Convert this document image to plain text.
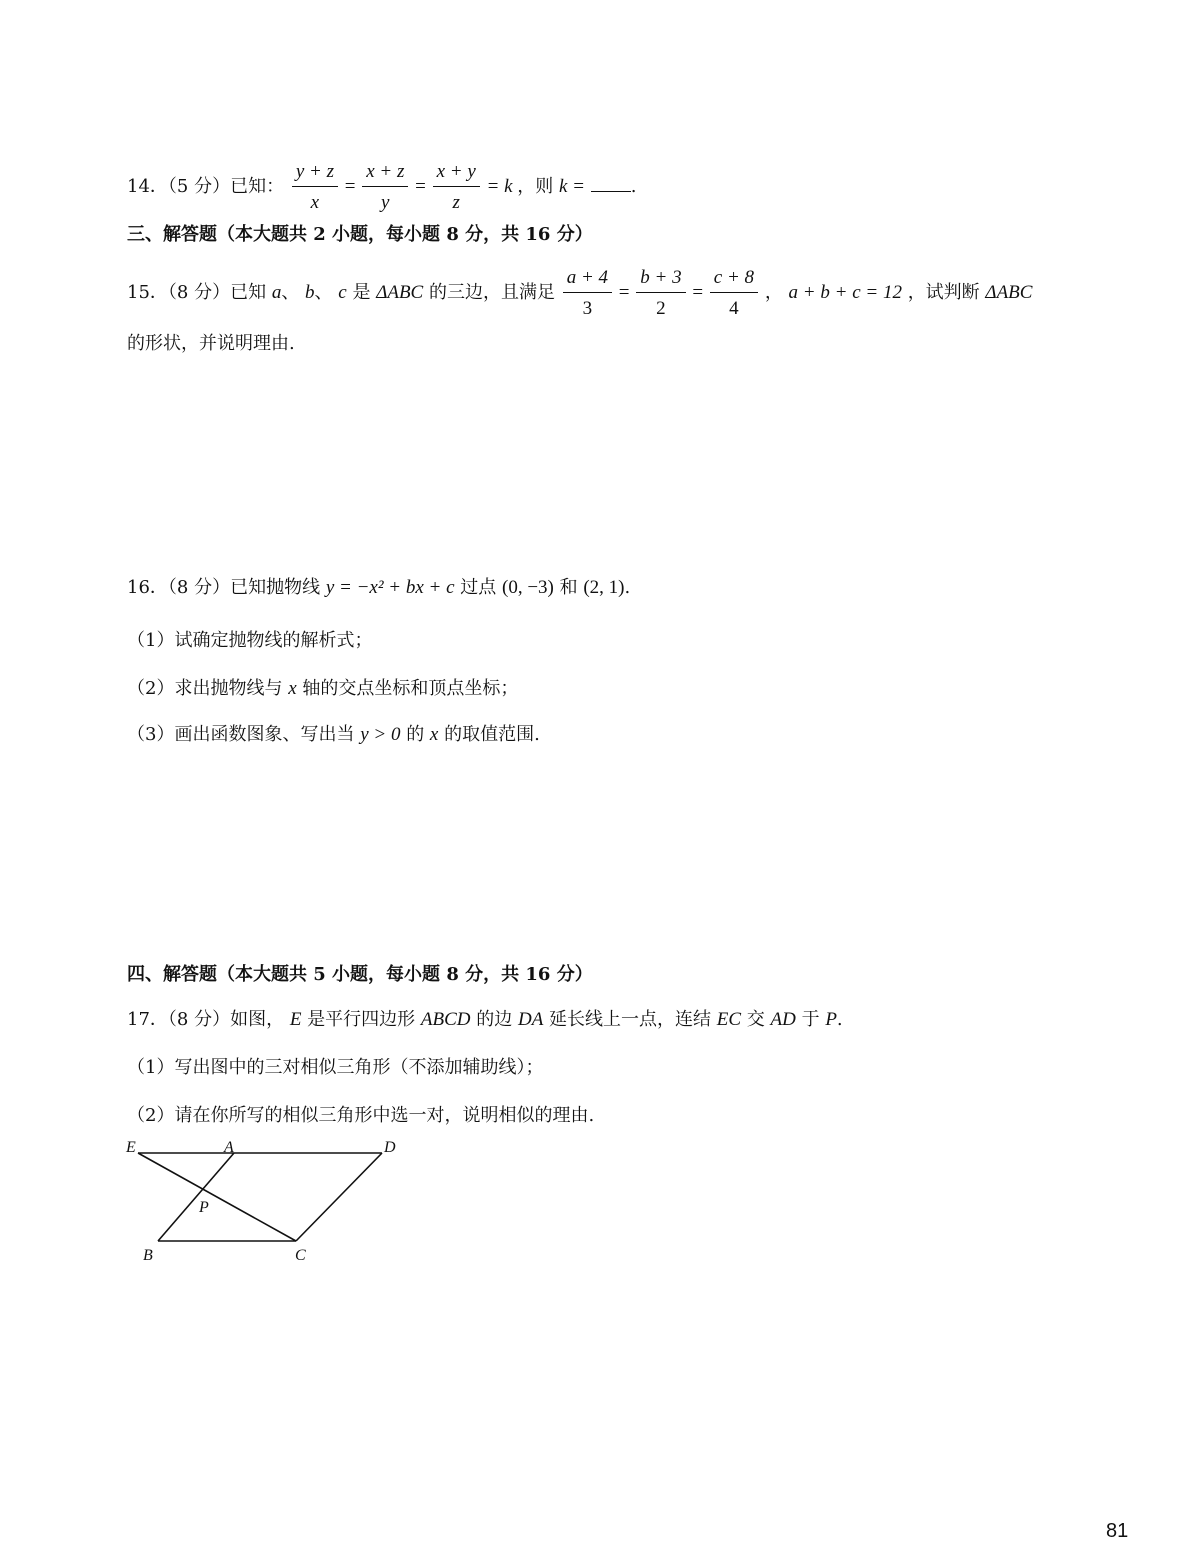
14．（5 分）已知： $\frac{y + z}{x} = \frac{x + z}{y} = \frac{x + y}{z} = k$ ，则 k =	.
三、解答题（本大题共 2 小题，每小题 8 分，共 16 分）
15．（8 分）已知 a、 b、 c 是 ΔABC 的三边，且满足 $\frac{a + 4}{3} = \frac{b + 3}{2} = \frac{c + 8}{4}$ ， a + b + c = 12 ，试判断 ΔABC
的形状，并说明理由.
16．（8 分）已知抛物线 y = −x² + bx + c 过点 (0, −3) 和 (2, 1).
（1）试确定抛物线的解析式；
（2）求出抛物线与 x 轴的交点坐标和顶点坐标；
（3）画出函数图象、写出当 y > 0 的 x 的取值范围.
四、解答题（本大题共 5 小题，每小题 8 分，共 16 分）
17．（8 分）如图， E 是平行四边形 ABCD 的边 DA 延长线上一点，连结 EC 交 AD 于 P.
（1）写出图中的三对相似三角形（不添加辅助线）；
（2）请在你所写的相似三角形中选一对，说明相似的理由.
E	A	D
P
B	C
81
